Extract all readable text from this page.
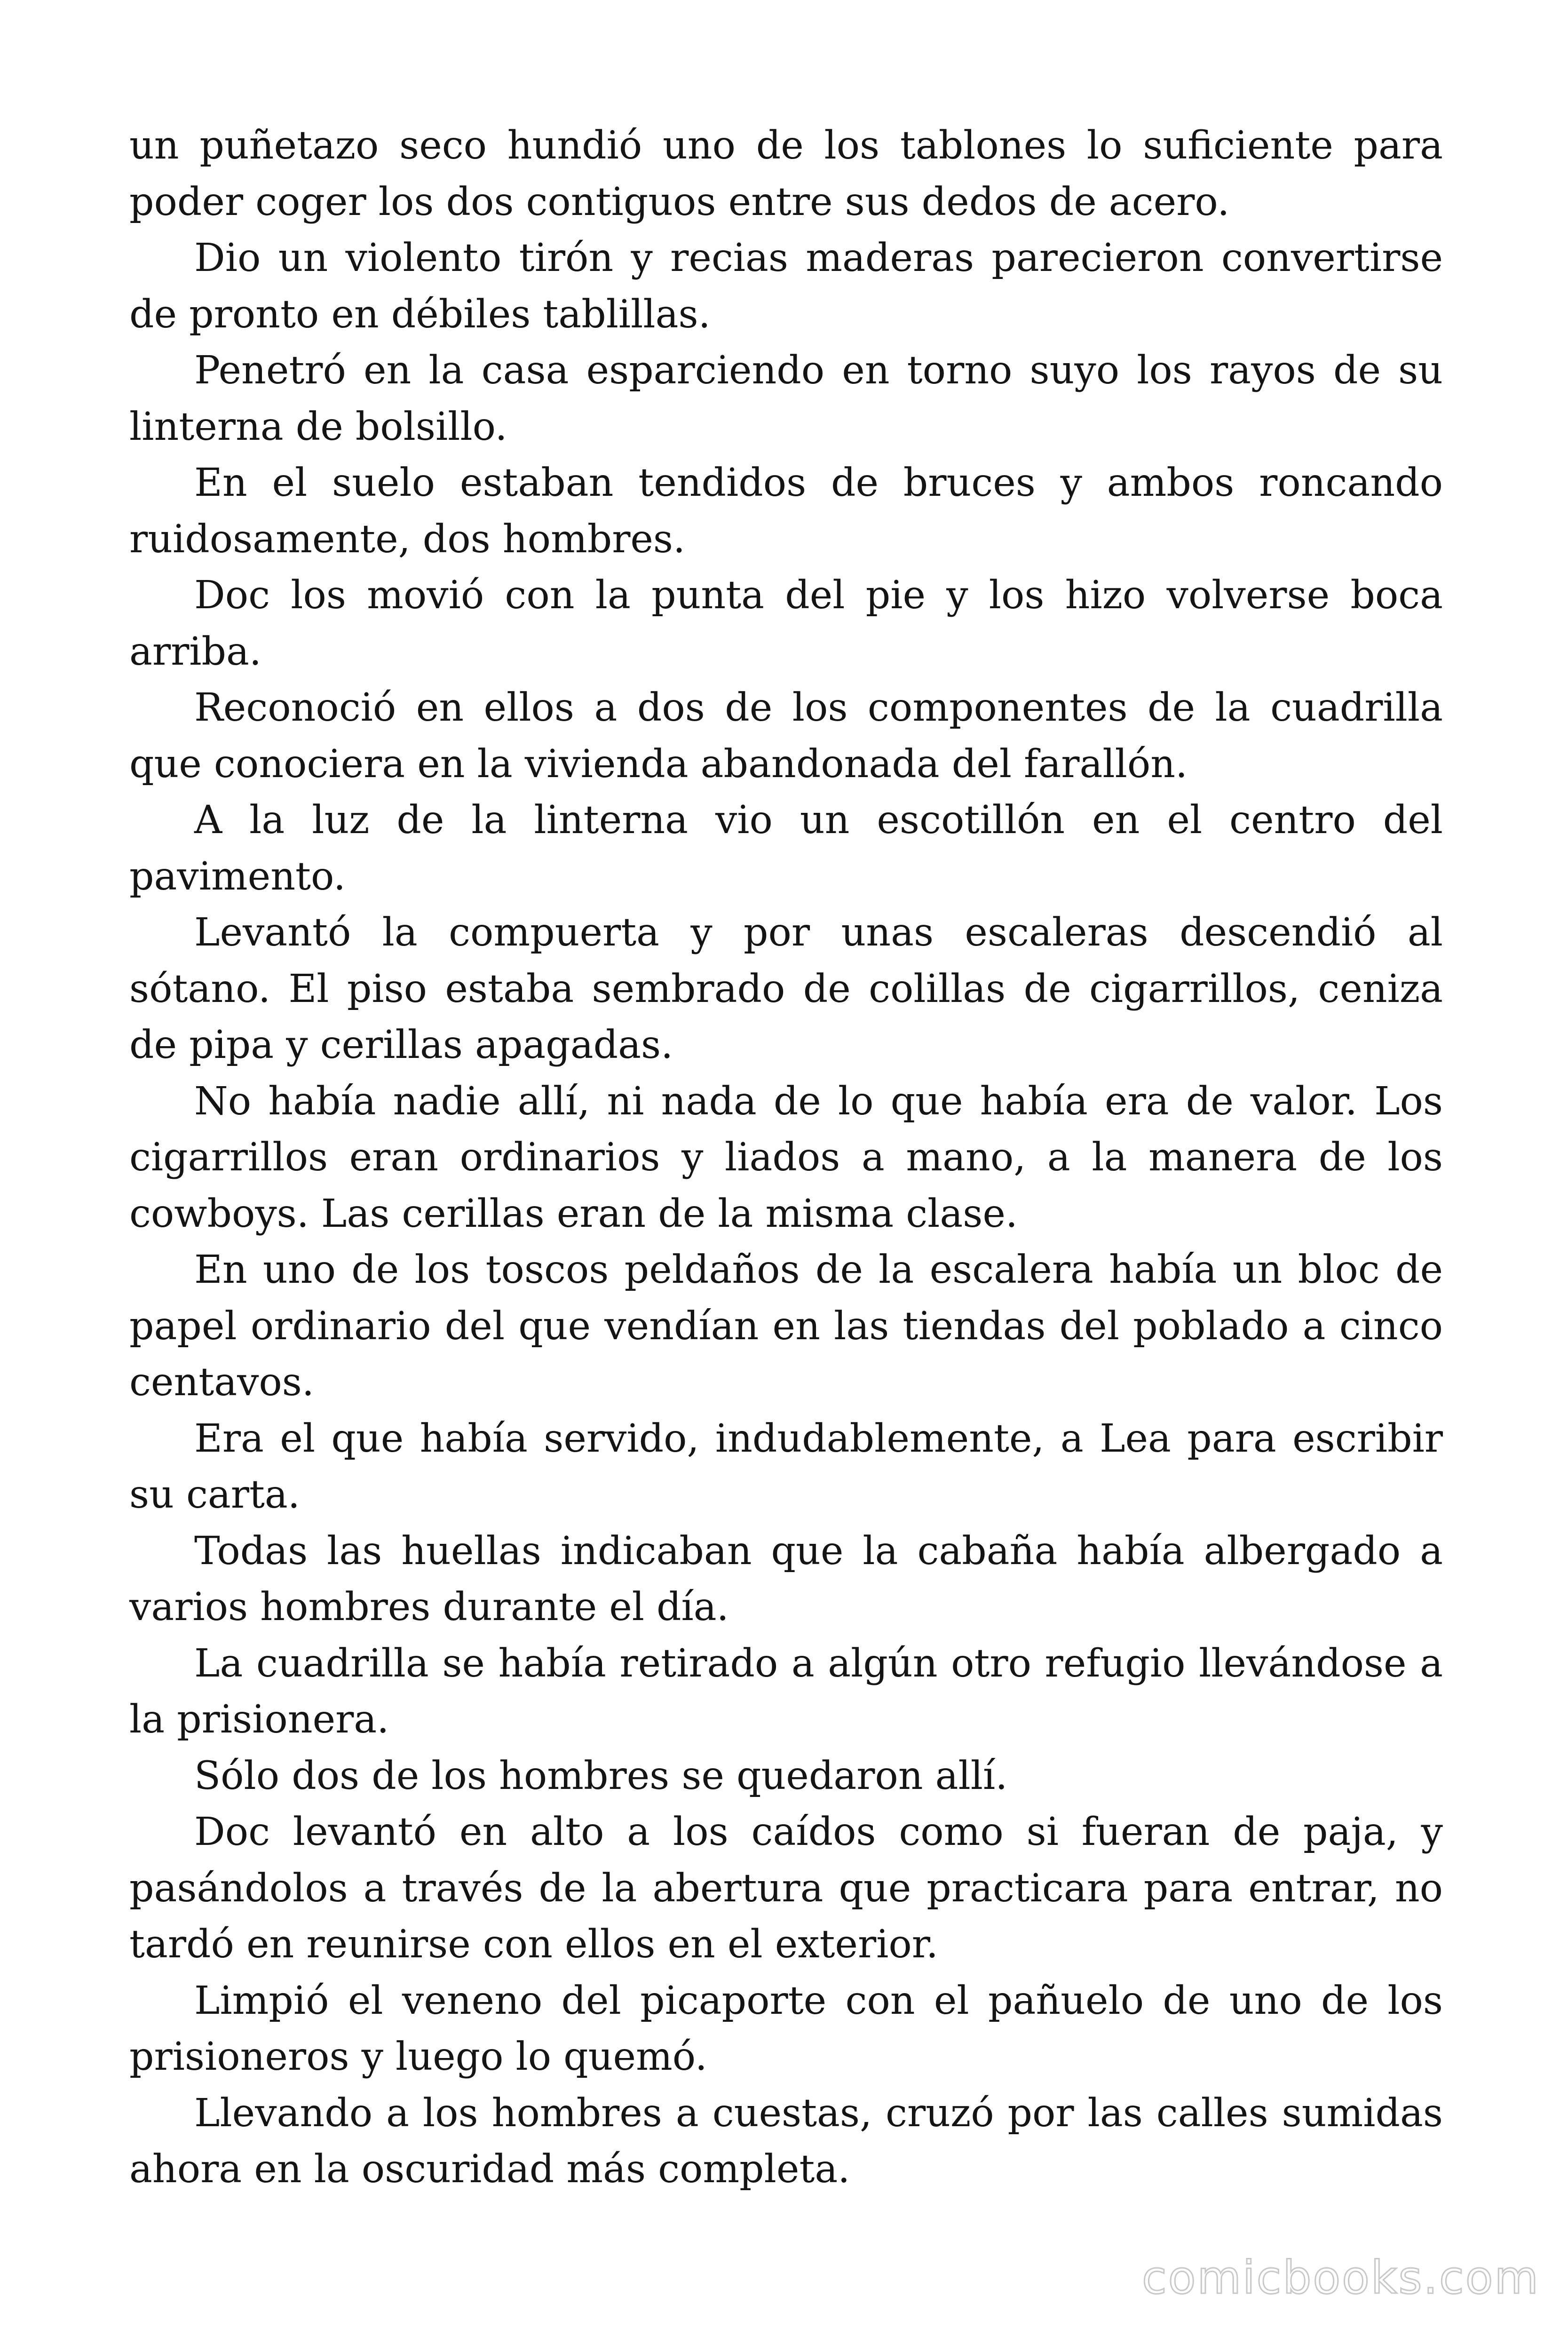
un puñetazo seco hundió uno de los tablones lo suficiente para poder coger los dos contiguos entre sus dedos de acero.

Dio un violento tirón y recias maderas parecieron convertirse de pronto en débiles tablillas.

Penetró en la casa esparciendo en torno suyo los rayos de su linterna de bolsillo.

En el suelo estaban tendidos de bruces y ambos roncando ruidosamente, dos hombres.

Doc los movió con la punta del pie y los hizo volverse boca arriba.

Reconoció en ellos a dos de los componentes de la cuadrilla que conociera en la vivienda abandonada del farallón.

A la luz de la linterna vio un escotillón en el centro del pavimento.

Levantó la compuerta y por unas escaleras descendió al sótano. El piso estaba sembrado de colillas de cigarrillos, ceniza de pipa y cerillas apagadas.

No había nadie allí, ni nada de lo que había era de valor. Los cigarrillos eran ordinarios y liados a mano, a la manera de los cowboys. Las cerillas eran de la misma clase.

En uno de los toscos peldaños de la escalera había un bloc de papel ordinario del que vendían en las tiendas del poblado a cinco centavos.

Era el que había servido, indudablemente, a Lea para escribir su carta.

Todas las huellas indicaban que la cabaña había albergado a varios hombres durante el día.

La cuadrilla se había retirado a algún otro refugio llevándose a la prisionera.

Sólo dos de los hombres se quedaron allí.

Doc levantó en alto a los caídos como si fueran de paja, y pasándolos a través de la abertura que practicara para entrar, no tardó en reunirse con ellos en el exterior.

Limpió el veneno del picaporte con el pañuelo de uno de los prisioneros y luego lo quemó.

Llevando a los hombres a cuestas, cruzó por las calles sumidas ahora en la oscuridad más completa.

comicbooks.com
